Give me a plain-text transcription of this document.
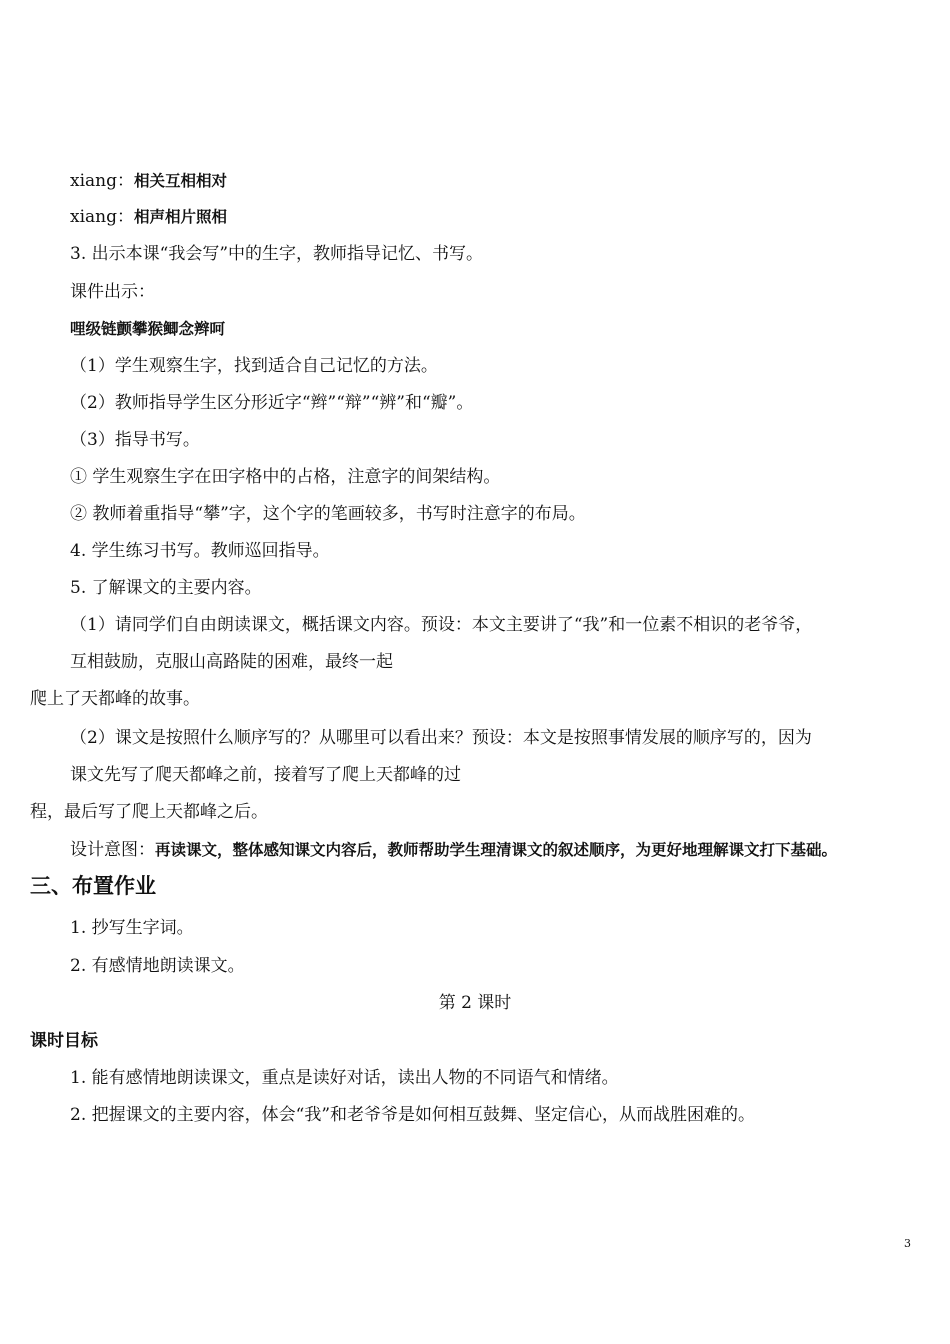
xiang：相关互相相对
xiang：相声相片照相
3. 出示本课“我会写”中的生字，教师指导记忆、书写。
课件出示：
哩级链颤攀猴鲫念辫呵
（1）学生观察生字，找到适合自己记忆的方法。
（2）教师指导学生区分形近字“辫”“辩”“辨”和“瓣”。
（3）指导书写。
① 学生观察生字在田字格中的占格，注意字的间架结构。
② 教师着重指导“攀”字，这个字的笔画较多，书写时注意字的布局。
4. 学生练习书写。教师巡回指导。
5. 了解课文的主要内容。
（1）请同学们自由朗读课文，概括课文内容。预设：本文主要讲了“我”和一位素不相识的老爷爷，
互相鼓励，克服山高路陡的困难，最终一起
爬上了天都峰的故事。
（2）课文是按照什么顺序写的？从哪里可以看出来？预设：本文是按照事情发展的顺序写的，因为
课文先写了爬天都峰之前，接着写了爬上天都峰的过
程，最后写了爬上天都峰之后。
设计意图：再读课文，整体感知课文内容后，教师帮助学生理清课文的叙述顺序，为更好地理解课文打下基础。
三、布置作业
1. 抄写生字词。
2. 有感情地朗读课文。
第 2 课时
课时目标
1. 能有感情地朗读课文，重点是读好对话，读出人物的不同语气和情绪。
2. 把握课文的主要内容，体会“我”和老爷爷是如何相互鼓舞、坚定信心，从而战胜困难的。
3
